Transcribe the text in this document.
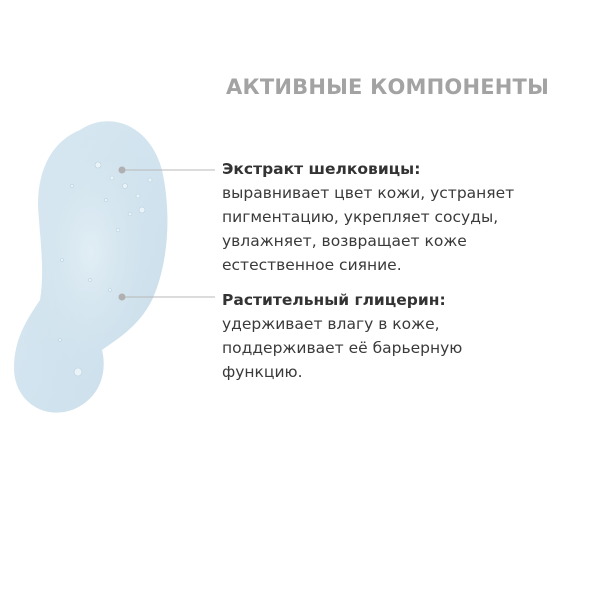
АКТИВНЫЕ КОМПОНЕНТЫ
Экстракт шелковицы:
выравнивает цвет кожи, устраняет
пигментацию, укрепляет сосуды,
увлажняет, возвращает коже
естественное сияние.
Растительный глицерин:
удерживает влагу в коже,
поддерживает её барьерную
функцию.
